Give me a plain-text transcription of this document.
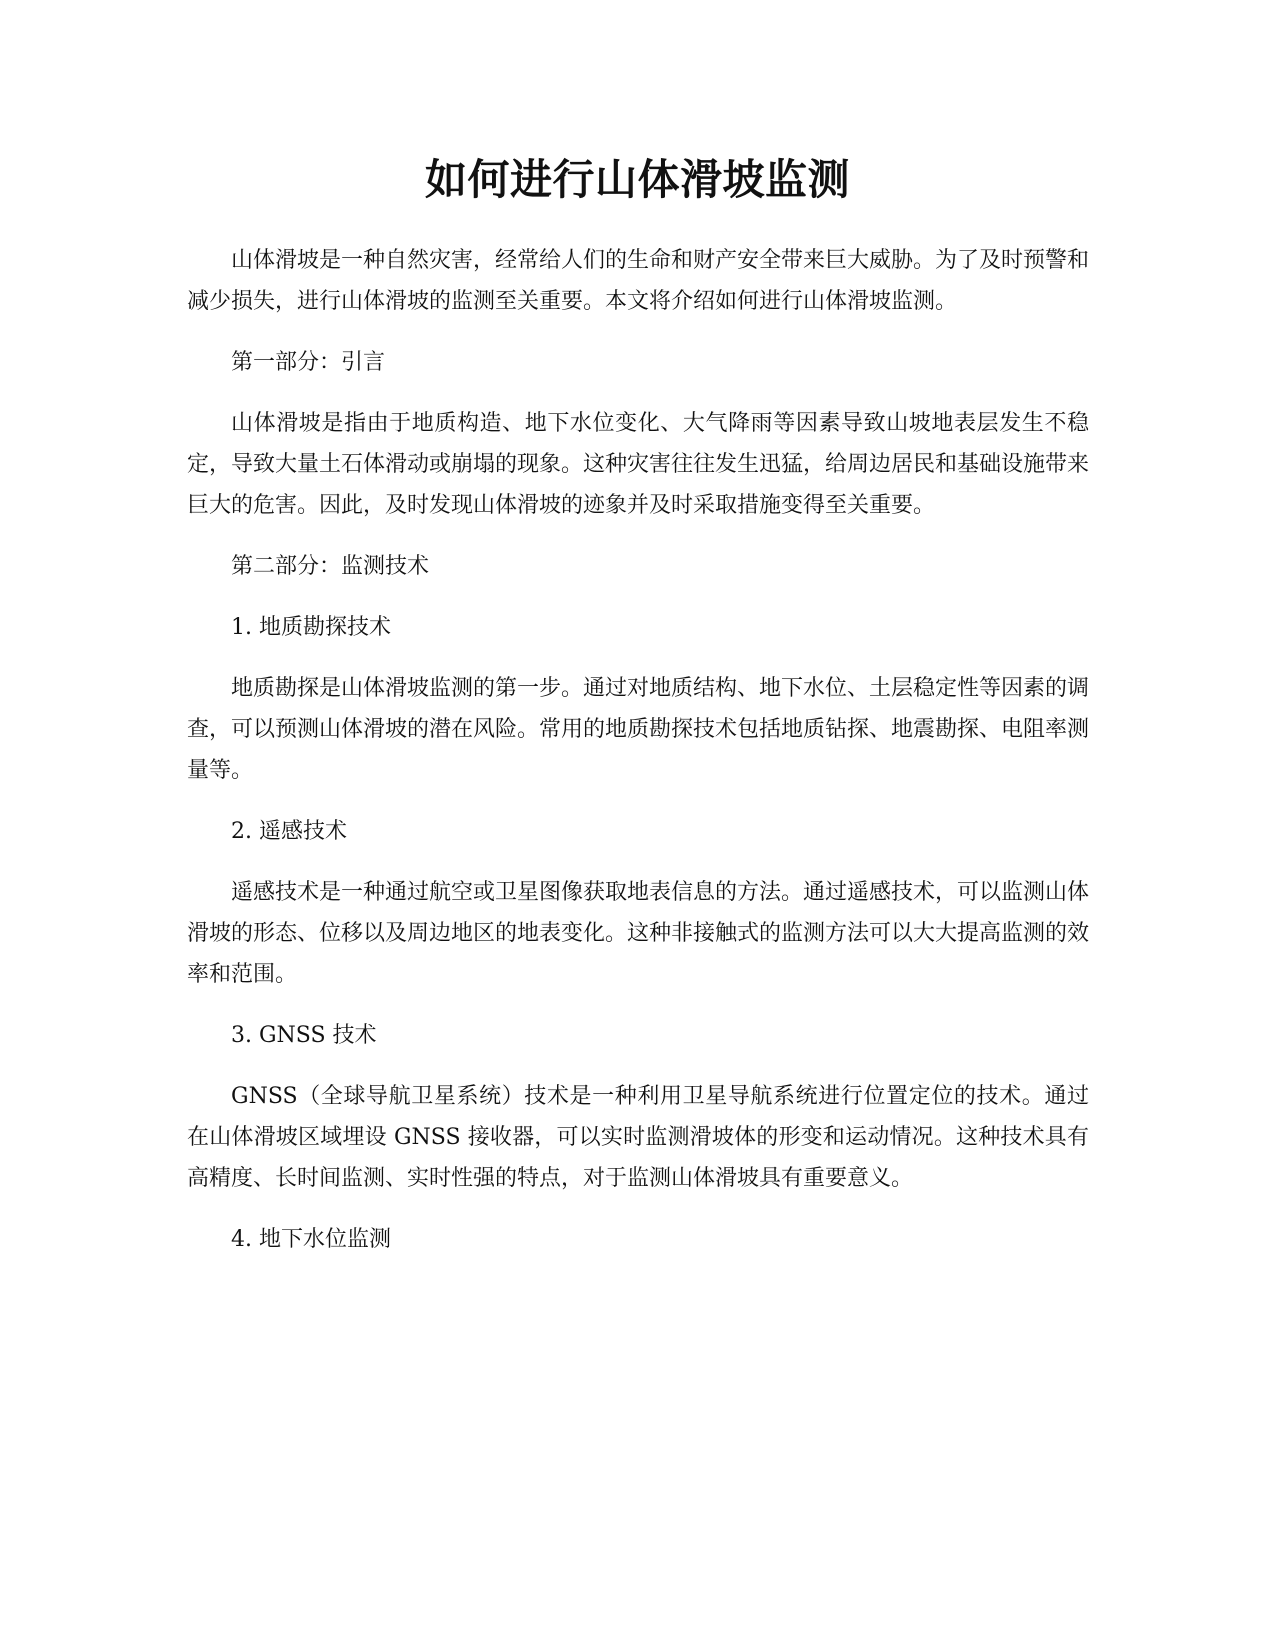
如何进行山体滑坡监测

山体滑坡是一种自然灾害，经常给人们的生命和财产安全带来巨大威胁。为了及时预警和减少损失，进行山体滑坡的监测至关重要。本文将介绍如何进行山体滑坡监测。

第一部分：引言

山体滑坡是指由于地质构造、地下水位变化、大气降雨等因素导致山坡地表层发生不稳定，导致大量土石体滑动或崩塌的现象。这种灾害往往发生迅猛，给周边居民和基础设施带来巨大的危害。因此，及时发现山体滑坡的迹象并及时采取措施变得至关重要。

第二部分：监测技术

1. 地质勘探技术

地质勘探是山体滑坡监测的第一步。通过对地质结构、地下水位、土层稳定性等因素的调查，可以预测山体滑坡的潜在风险。常用的地质勘探技术包括地质钻探、地震勘探、电阻率测量等。

2. 遥感技术

遥感技术是一种通过航空或卫星图像获取地表信息的方法。通过遥感技术，可以监测山体滑坡的形态、位移以及周边地区的地表变化。这种非接触式的监测方法可以大大提高监测的效率和范围。

3. GNSS 技术

GNSS（全球导航卫星系统）技术是一种利用卫星导航系统进行位置定位的技术。通过在山体滑坡区域埋设 GNSS 接收器，可以实时监测滑坡体的形变和运动情况。这种技术具有高精度、长时间监测、实时性强的特点，对于监测山体滑坡具有重要意义。

4. 地下水位监测
